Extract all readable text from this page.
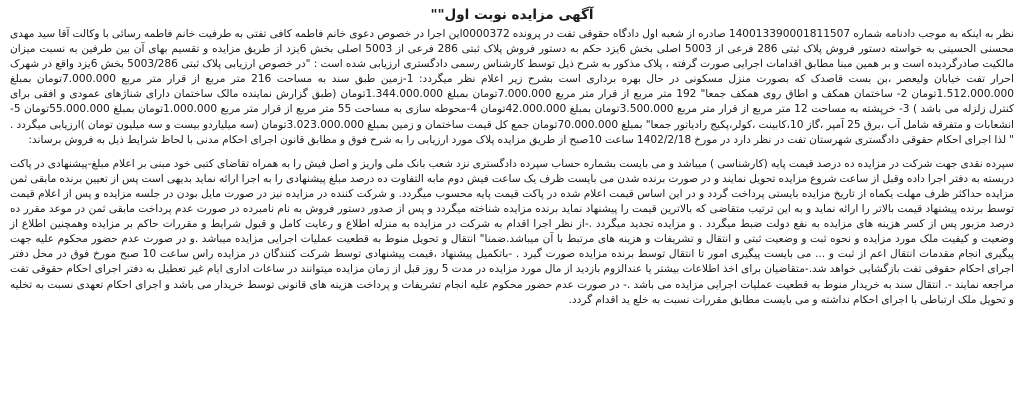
آگهی مزایده نوبت اول""

نظر به اینکه به موجب دادنامه شماره 140013390001811507 صادره از شعبه اول دادگاه حقوقی تفت در پرونده 0000372این اجرا در خصوص دعوی خانم فاطمه کافی تفتی به طرفیت خانم فاطمه رسائی با وکالت آقا سید مهدی محسنی الحسینی به خواسته دستور فروش پلاک ثبتی 286 فرعی از 5003 اصلی بخش 6یزد حکم به دستور فروش پلاک ثبتی 286 فرعی از 5003 اصلی بخش 6یزد از طریق مزایده و تقسیم بهای آن بین طرفین به نسبت میزان مالکیت صادرگردیده است و بر همین مبنا مطابق اقدامات اجرایی صورت گرفته ، پلاک مذکور به شرح ذیل توسط کارشناس رسمی دادگستری ارزیابی شده است : "در خصوص ارزیابی پلاک ثبتی 5003/286 بخش 6یزد واقع در شهرک احرار تفت خیابان ولیعصر ،بن بست قاصدک که بصورت منزل مسکونی در حال بهره برداری است بشرح زیر اعلام نظر میگردد: 1-زمین طبق سند به مساحت 216 متر مربع از قرار متر مربع 7.000.000تومان بمبلغ 1.512.000.000تومان 2- ساختمان همکف و اطاق روی همکف جمعا" 192 متر مربع از قرار متر مربع 7.000.000تومان بمبلغ 1.344.000.000تومان (طبق گزارش نماینده مالک ساختمان دارای شناژهای عمودی و افقی برای کنترل زلزله می باشد ) 3- خرپشته به مساحت 12 متر مربع از قرار متر مربع 3.500.000تومان بمبلغ 42.000.000تومان 4-محوطه سازی به مساحت 55 متر مربع از قرار متر مربع 1.000.000تومان بمبلغ 55.000.000تومان 5- انشعابات و متفرقه شامل آب ،برق 25 آمپر ،گاز 10،کابینت ،کولر،پکیج رادیاتور جمعا" بمبلغ 70.000.000تومان جمع کل قیمت ساختمان و زمین بمبلغ 3.023.000.000تومان (سه میلیاردو بیست و سه میلیون تومان )ارزیابی میگردد . " لذا اجرای احکام حقوقی دادگستری شهرستان تفت در نظر دارد در مورخ 1402/2/18 ساعت 10صبح از طریق مزایده پلاک مورد ارزیابی را به شرح فوق و مطابق قانون اجرای احکام مدنی با لحاظ شرایط ذیل به فروش برساند:

سپرده نقدی جهت شرکت در مزایده ده درصد قیمت پایه (کارشناسی ) میباشد و می بایست بشماره حساب سپرده دادگستری نزد شعب بانک ملی واریز و اصل فیش را به همراه تقاضای کتبی خود مبنی بر اعلام مبلغ-پیشنهادی در پاکت دربسته به دفتر اجرا داده وقبل از ساعت شروع مزایده تحویل نمایند و در صورت برنده شدن می بایست ظرف یک ساعت فیش دوم مابه التفاوت ده درصد مبلغ پیشنهادی را به اجرا ارائه نماید بدیهی است پس از تعیین برنده مابقی ثمن مزایده حداکثر ظرف مهلت یکماه از تاریخ مزایده بایستی پرداخت گردد و در این اساس قیمت اعلام شده در پاکت قیمت پایه محسوب میگردد. و شرکت کننده در مزایده نیز در صورت مایل بودن در جلسه مزایده و پس از اعلام قیمت توسط برنده پیشنهاد قیمت بالاتر را ارائه نماید و به این ترتیب متقاضی که بالاترین قیمت را پیشنهاد نماید برنده مزایده شناخته میگردد و پس از صدور دستور فروش به نام نامبرده در صورت عدم پرداخت مابقی ثمن در موعد مقرر ده درصد مزبور پس از کسر هزینه های مزایده به نفع دولت ضبط میگردد . و مزایده تجدید میگردد .-از نظر اجرا اقدام به شرکت در مزایده به منزله اطلاع و رعایت کامل و قبول شرایط و مقررات حاکم بر مزایده وهمچنین اطلاع از وضعیت و کیفیت ملک مورد مزایده و نحوه ثبت و وضعیت ثبتی و انتقال و تشریفات و هزینه های مرتبط با آن میباشد.ضمنا" انتقال و تحویل منوط به قطعیت عملیات اجرایی مزایده میباشد .و در صورت عدم حضور محکوم علیه جهت پیگیری انجام مقدمات انتقال اعم از ثبت و ... می بایست پیگیری امور تا انتقال توسط برنده مزایده صورت گیرد . -باتکمیل پیشنهاد ،قیمت پیشنهادی توسط شرکت کنندگان در مزایده راس ساعت 10 صبح مورخ فوق در محل دفتر اجرای احکام حقوقی تفت بازگشایی خواهد شد.-متقاضیان برای اخذ اطلاعات بیشتر یا عندالزوم بازدید از مال مورد مزایده در مدت 5 روز قبل از زمان مزایده میتوانند در ساعات اداری ایام غیر تعطیل به دفتر اجرای احکام حقوقی تفت مراجعه نمایند -. انتقال سند به خریدار منوط به قطعیت عملیات اجرایی مزایده می باشد .- در صورت عدم حضور محکوم علیه انجام تشریفات و پرداخت هزینه های قانونی توسط خریدار می باشد و اجرای احکام تعهدی نسبت به تخلیه و تحویل ملک ارتباطی با اجرای احکام نداشته و می بایست مطابق مقررات نسبت به خلع ید اقدام گردد.
